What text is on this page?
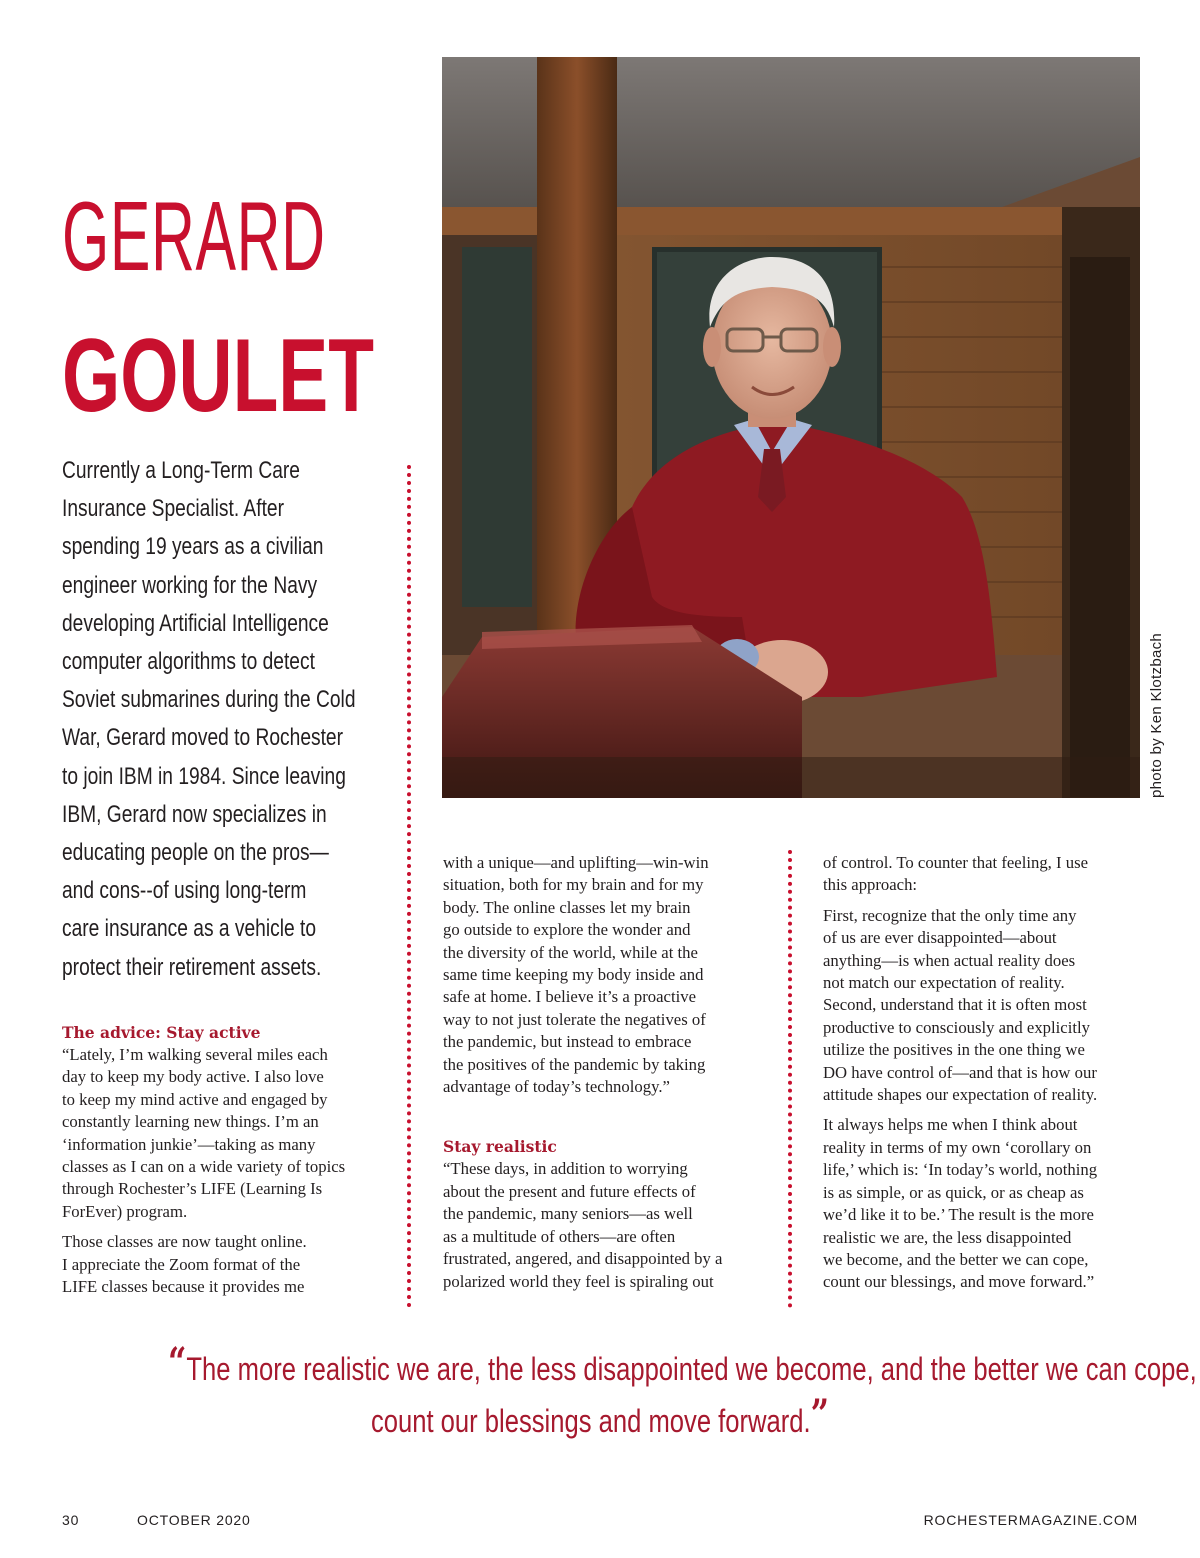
GERARD
GOULET
Currently a Long-Term Care
Insurance Specialist. After
spending 19 years as a civilian
engineer working for the Navy
developing Artificial Intelligence
computer algorithms to detect
Soviet submarines during the Cold
War, Gerard moved to Rochester
to join IBM in 1984. Since leaving
IBM, Gerard now specializes in
educating people on the pros—
and cons--of using long-term
care insurance as a vehicle to
protect their retirement assets.
The advice: Stay active

“Lately, I’m walking several miles each
day to keep my body active. I also love
to keep my mind active and engaged by
constantly learning new things. I’m an
‘information junkie’—taking as many
classes as I can on a wide variety of topics
through Rochester’s LIFE (Learning Is
ForEver) program.

Those classes are now taught online.
I appreciate the Zoom format of the
LIFE classes because it provides me

with a unique—and uplifting—win-win
situation, both for my brain and for my
body. The online classes let my brain
go outside to explore the wonder and
the diversity of the world, while at the
same time keeping my body inside and
safe at home. I believe it’s a proactive
way to not just tolerate the negatives of
the pandemic, but instead to embrace
the positives of the pandemic by taking
advantage of today’s technology.”

Stay realistic

“These days, in addition to worrying
about the present and future effects of
the pandemic, many seniors—as well
as a multitude of others—are often
frustrated, angered, and disappointed by a
polarized world they feel is spiraling out

of control. To counter that feeling, I use
this approach:

First, recognize that the only time any
of us are ever disappointed—about
anything—is when actual reality does
not match our expectation of reality.
Second, understand that it is often most
productive to consciously and explicitly
utilize the positives in the one thing we
DO have control of—and that is how our
attitude shapes our expectation of reality.

It always helps me when I think about
reality in terms of my own ‘corollary on
life,’ which is: ‘In today’s world, nothing
is as simple, or as quick, or as cheap as
we’d like it to be.’ The result is the more
realistic we are, the less disappointed
we become, and the better we can cope,
count our blessings, and move forward.”

photo by Ken Klotzbach
“The more realistic we are, the less disappointed we become, and the better we can cope,
count our blessings and move forward.”
30	OCTOBER 2020	ROCHESTERMAGAZINE.COM
